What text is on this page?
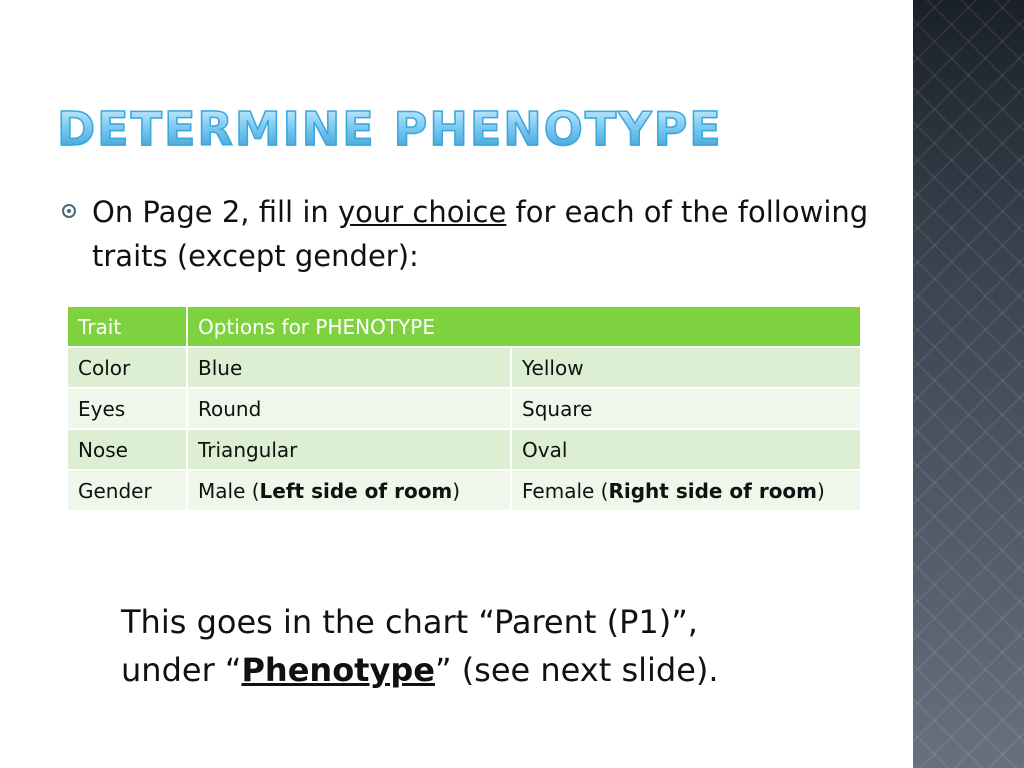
DETERMINE PHENOTYPE
On Page 2, fill in your choice for each of the following traits (except gender):
Trait	Options for PHENOTYPE	
Color	Blue	Yellow
Eyes	Round	Square
Nose	Triangular	Oval
Gender	Male (Left side of room)	Female (Right side of room)
This goes in the chart “Parent (P1)”,
under “Phenotype” (see next slide).
